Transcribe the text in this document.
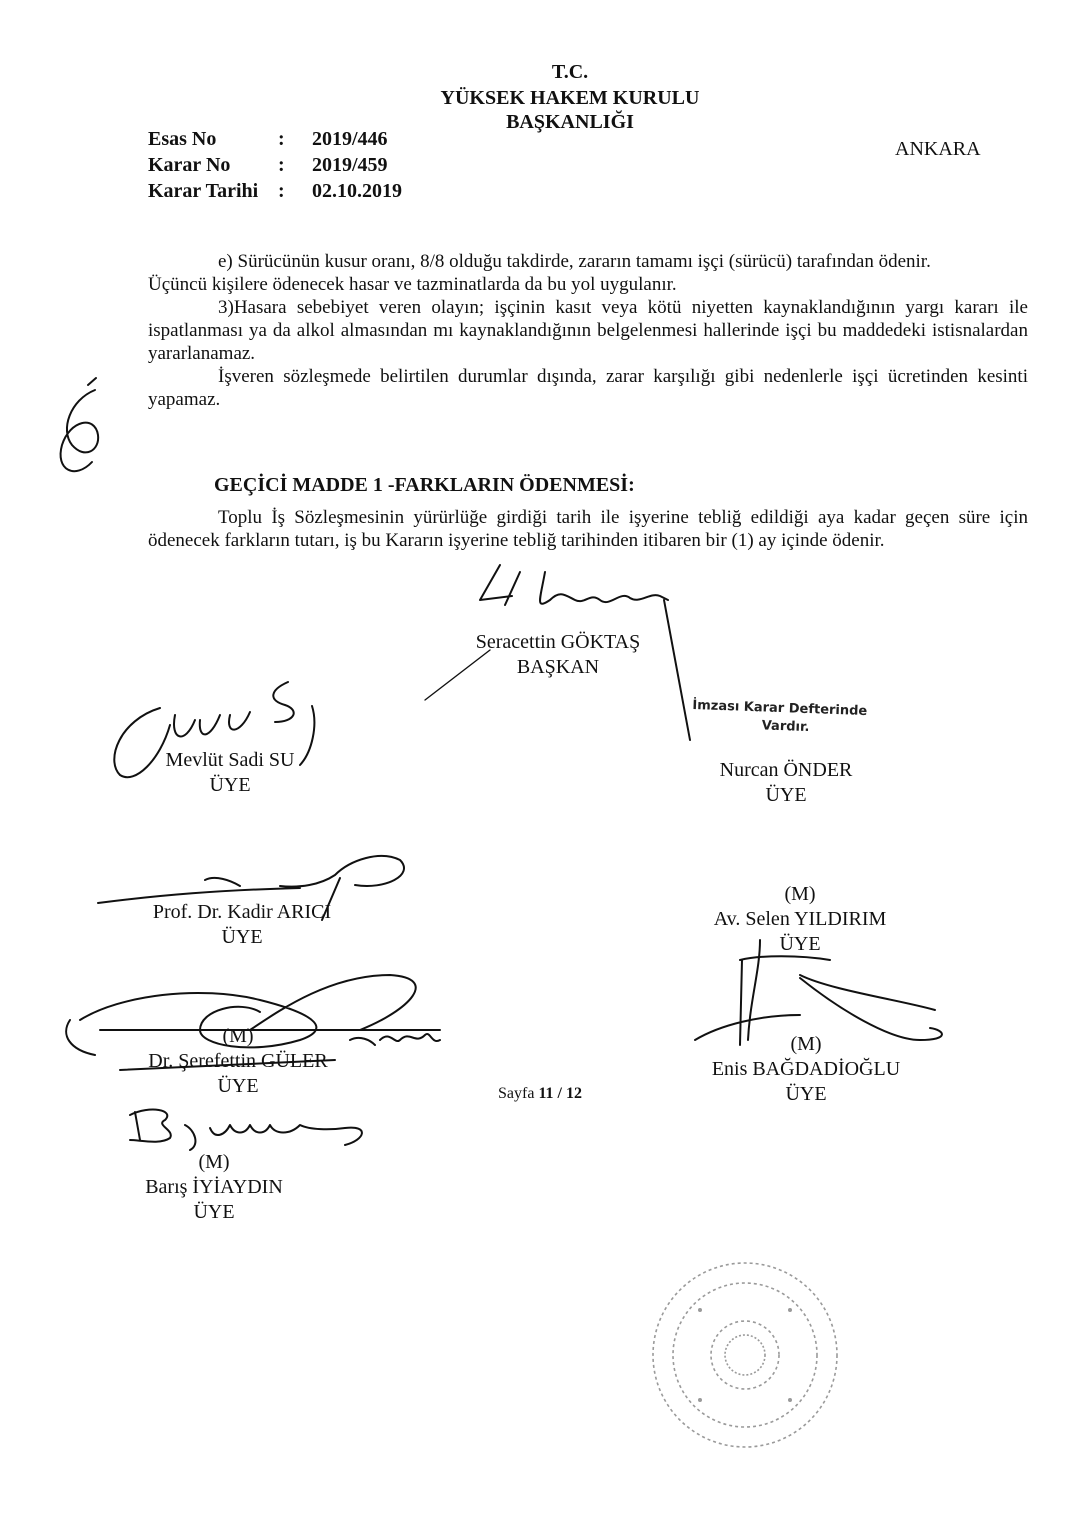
T.C.
YÜKSEK HAKEM KURULU
BAŞKANLIĞI
ANKARA
Esas No	: 2019/446
Karar No : 2019/459
Karar Tarihi : 02.10.2019

e) Sürücünün kusur oranı, 8/8 olduğu takdirde, zararın tamamı işçi (sürücü) tarafından ödenir.

Üçüncü kişilere ödenecek hasar ve tazminatlarda da bu yol uygulanır.

3)Hasara sebebiyet veren olayın; işçinin kasıt veya kötü niyetten kaynaklandığının yargı kararı ile ispatlanması ya da alkol almasından mı kaynaklandığının belgelenmesi hallerinde işçi bu maddedeki istisnalardan yararlanamaz.

İşveren sözleşmede belirtilen durumlar dışında, zarar karşılığı gibi nedenlerle işçi ücretinden kesinti yapamaz.

GEÇİCİ MADDE 1 -FARKLARIN ÖDENMESİ:

Toplu İş Sözleşmesinin yürürlüğe girdiği tarih ile işyerine tebliğ edildiği aya kadar geçen süre için ödenecek farkların tutarı, iş bu Kararın işyerine tebliğ tarihinden itibaren bir (1) ay içinde ödenir.

Seracettin GÖKTAŞ
BAŞKAN
Mevlüt Sadi SU
ÜYE
İmzası Karar Defterinde
Vardır.
Nurcan ÖNDER
ÜYE
Prof. Dr. Kadir ARICI
ÜYE
(M)
Av. Selen YILDIRIM
ÜYE
(M)
Dr. Şerefettin GÜLER
ÜYE
(M)
Enis BAĞDADİOĞLU
ÜYE
(M)
Barış İYİAYDIN
ÜYE
Sayfa 11 / 12
